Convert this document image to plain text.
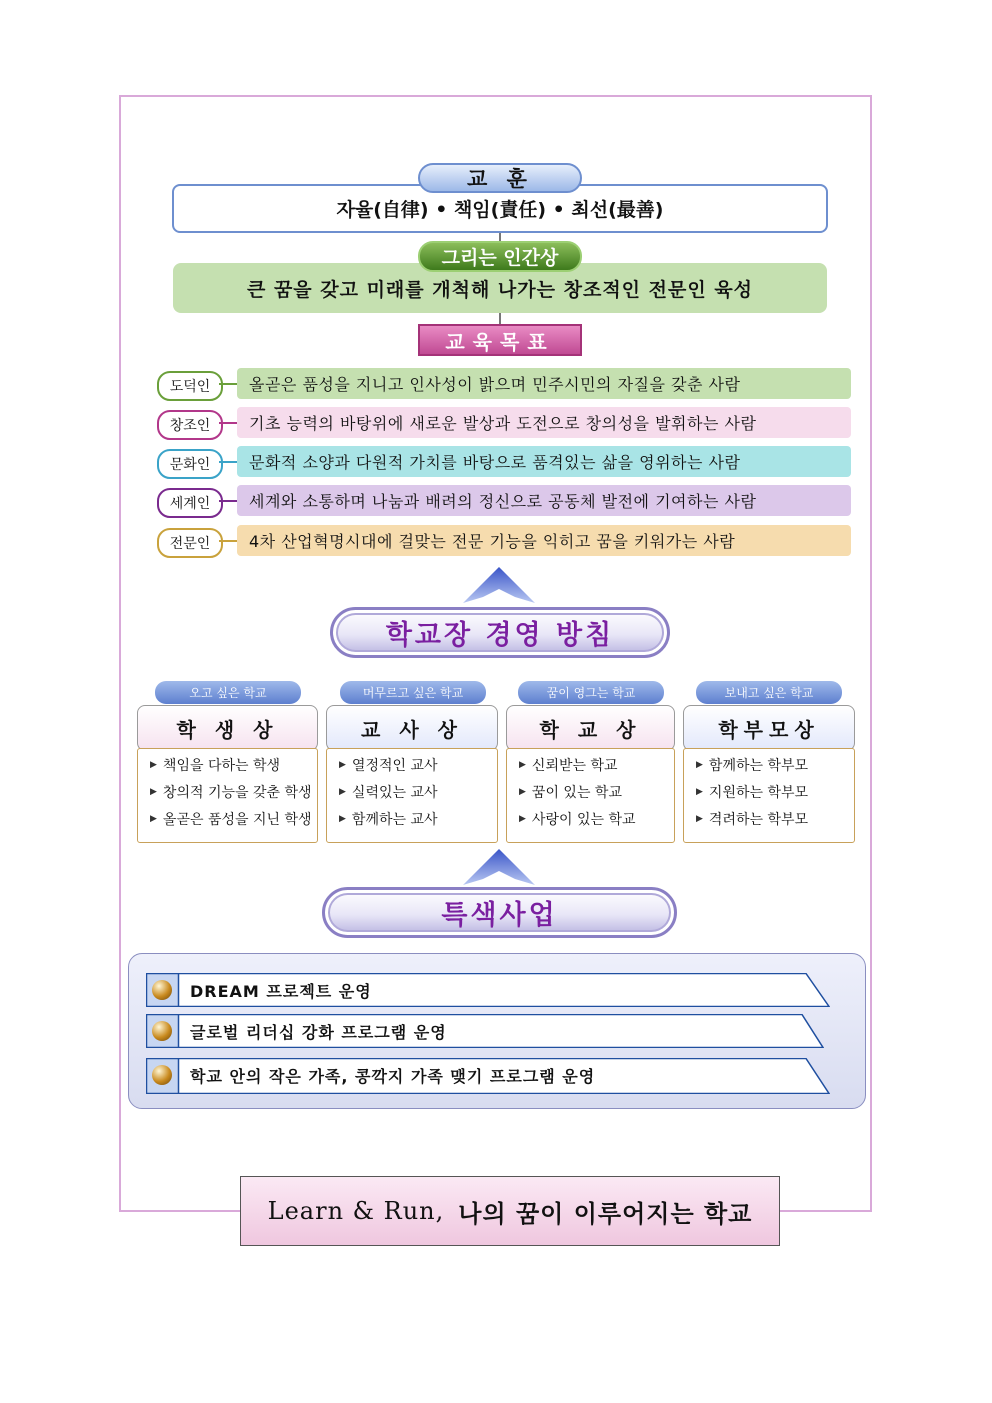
자율(自律) • 책임(責任) • 최선(最善)
교 훈
큰 꿈을 갖고 미래를 개척해 나가는 창조적인 전문인 육성
그리는 인간상
교육목표
도덕인	올곧은 품성을 지니고 인사성이 밝으며 민주시민의 자질을 갖춘 사람
창조인	기초 능력의 바탕위에 새로운 발상과 도전으로 창의성을 발휘하는 사람
문화인	문화적 소양과 다원적 가치를 바탕으로 품격있는 삶을 영위하는 사람
세계인	세계와 소통하며 나눔과 배려의 정신으로 공동체 발전에 기여하는 사람
전문인	4차 산업혁명시대에 걸맞는 전문 기능을 익히고 꿈을 키워가는 사람
학교장 경영 방침
오고 싶은 학교
학 생 상
▶ 책임을 다하는 학생
▶ 창의적 기능을 갖춘 학생
▶ 올곧은 품성을 지닌 학생
머무르고 싶은 학교
교 사 상
▶ 열정적인 교사
▶ 실력있는 교사
▶ 함께하는 교사
꿈이 영그는 학교
학 교 상
▶ 신뢰받는 학교
▶ 꿈이 있는 학교
▶ 사랑이 있는 학교
보내고 싶은 학교
학부모상
▶ 함께하는 학부모
▶ 지원하는 학부모
▶ 격려하는 학부모
특색사업
DREAM 프로젝트 운영
글로벌 리더십 강화 프로그램 운영
학교 안의 작은 가족, 콩깍지 가족 맺기 프로그램 운영
Learn & Run, 나의 꿈이 이루어지는 학교
